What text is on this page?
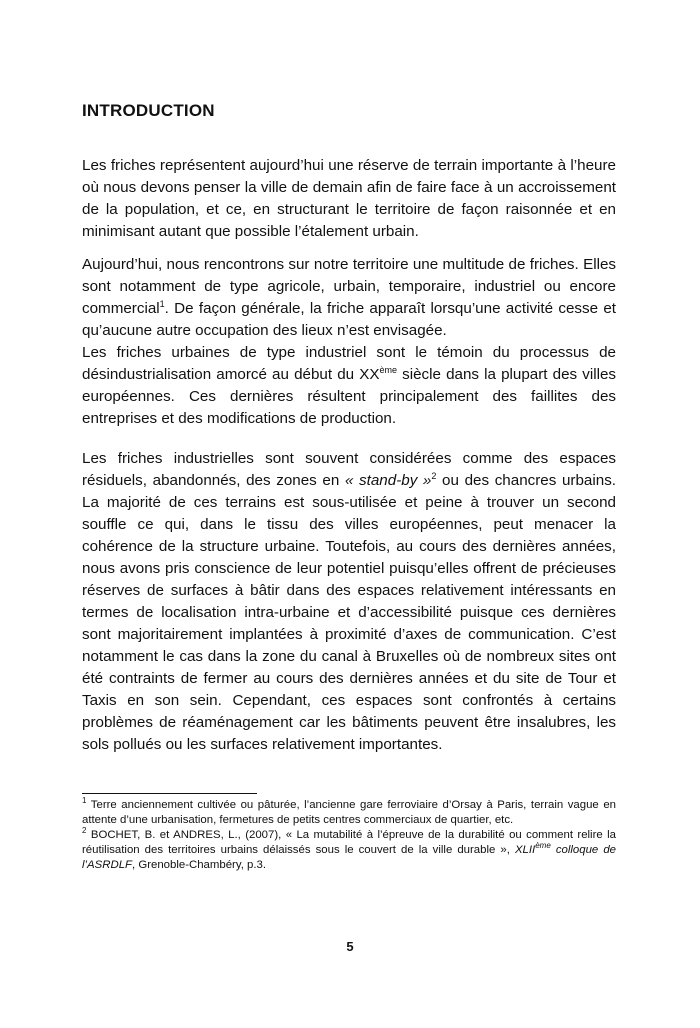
INTRODUCTION

Les friches représentent aujourd’hui une réserve de terrain importante à l’heure où nous devons penser la ville de demain afin de faire face à un accroissement de la population, et ce, en structurant le territoire de façon raisonnée et en minimisant autant que possible l’étalement urbain.

Aujourd’hui, nous rencontrons sur notre territoire une multitude de friches. Elles sont notamment de type agricole, urbain, temporaire, industriel ou encore commercial$^1$. De façon générale, la friche apparaît lorsqu’une activité cesse et qu’aucune autre occupation des lieux n’est envisagée.

Les friches urbaines de type industriel sont le témoin du processus de désindustrialisation amorcé au début du XXème siècle dans la plupart des villes européennes. Ces dernières résultent principalement des faillites des entreprises et des modifications de production.

Les friches industrielles sont souvent considérées comme des espaces résiduels, abandonnés, des zones en « stand-by »$^2$ ou des chancres urbains. La majorité de ces terrains est sous-utilisée et peine à trouver un second souffle ce qui, dans le tissu des villes européennes, peut menacer la cohérence de la structure urbaine. Toutefois, au cours des dernières années, nous avons pris conscience de leur potentiel puisqu’elles offrent de précieuses réserves de surfaces à bâtir dans des espaces relativement intéressants en termes de localisation intra-urbaine et d’accessibilité puisque ces dernières sont majoritairement implantées à proximité d’axes de communication. C’est notamment le cas dans la zone du canal à Bruxelles où de nombreux sites ont été contraints de fermer au cours des dernières années et du site de Tour et Taxis en son sein. Cependant, ces espaces sont confrontés à certains problèmes de réaménagement car les bâtiments peuvent être insalubres, les sols pollués ou les surfaces relativement importantes.

$^1$ Terre anciennement cultivée ou pâturée, l’ancienne gare ferroviaire d’Orsay à Paris, terrain vague en attente d’une urbanisation, fermetures de petits centres commerciaux de quartier, etc.

$^2$ BOCHET, B. et ANDRES, L., (2007), « La mutabilité à l’épreuve de la durabilité ou comment relire la réutilisation des territoires urbains délaissés sous le couvert de la ville durable », XLIIème colloque de l’ASRDLF, Grenoble-Chambéry, p.3.

5
